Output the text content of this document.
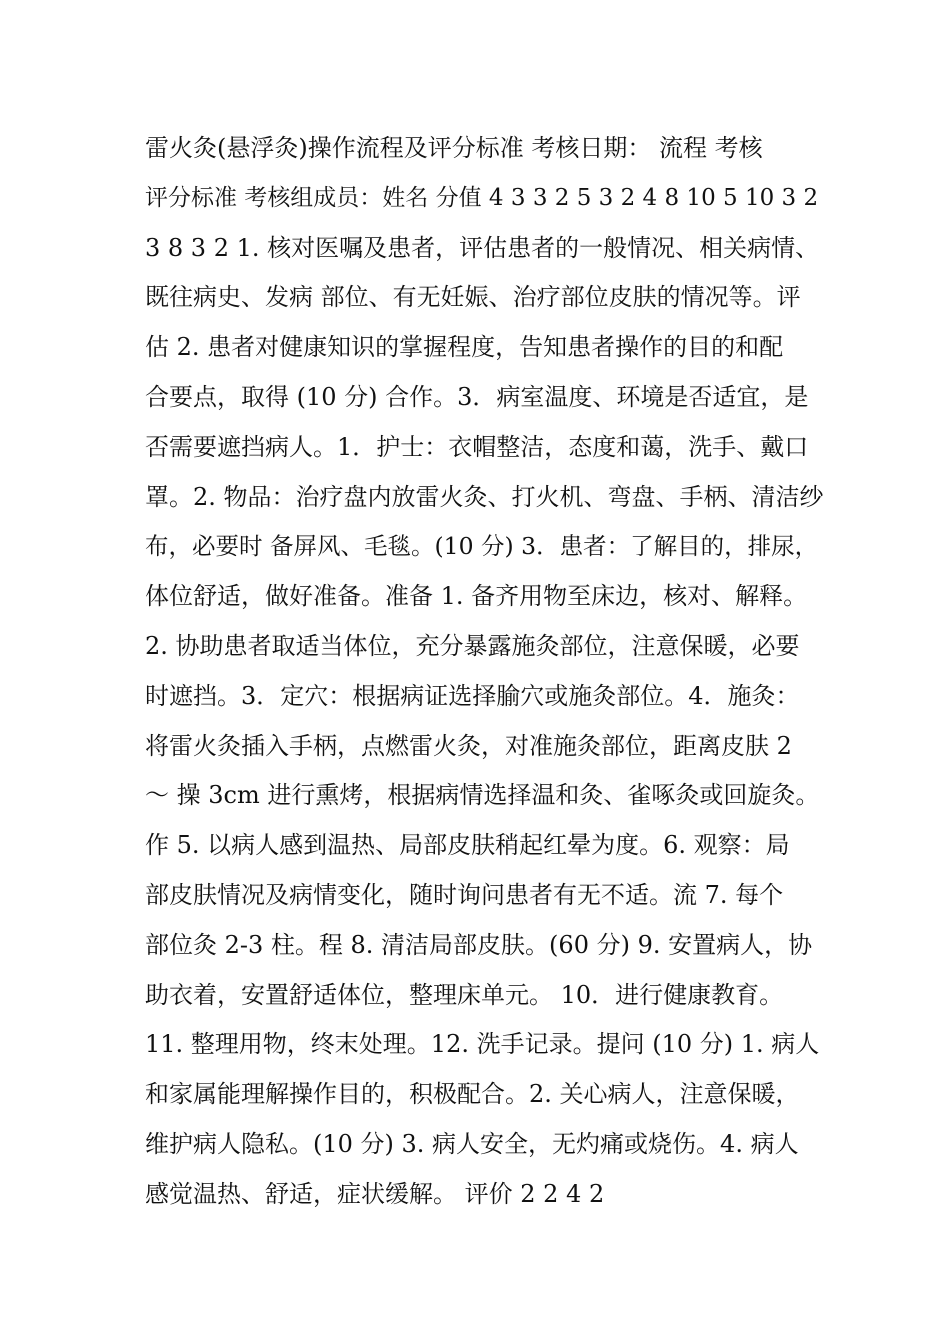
雷火灸(悬浮灸)操作流程及评分标准 考核日期： 流程 考核
评分标准 考核组成员：姓名 分值 4 3 3 2 5 3 2 4 8 10 5 10 3 2
3 8 3 2 1. 核对医嘱及患者，评估患者的一般情况、相关病情、
既往病史、发病 部位、有无妊娠、治疗部位皮肤的情况等。评
估 2. 患者对健康知识的掌握程度，告知患者操作的目的和配
合要点，取得 (10 分) 合作。3．病室温度、环境是否适宜，是
否需要遮挡病人。1．护士：衣帽整洁，态度和蔼，洗手、戴口
罩。2. 物品：治疗盘内放雷火灸、打火机、弯盘、手柄、清洁纱
布，必要时 备屏风、毛毯。(10 分) 3．患者：了解目的，排尿，
体位舒适，做好准备。准备 1. 备齐用物至床边，核对、解释。
2. 协助患者取适当体位，充分暴露施灸部位，注意保暖，必要
时遮挡。3．定穴：根据病证选择腧穴或施灸部位。4．施灸：
将雷火灸插入手柄，点燃雷火灸，对准施灸部位，距离皮肤 2
～ 操 3cm 进行熏烤，根据病情选择温和灸、雀啄灸或回旋灸。
作 5. 以病人感到温热、局部皮肤稍起红晕为度。6. 观察：局
部皮肤情况及病情变化，随时询问患者有无不适。流 7. 每个
部位灸 2-3 柱。程 8. 清洁局部皮肤。(60 分) 9. 安置病人，协
助衣着，安置舒适体位，整理床单元。 10．进行健康教育。
11. 整理用物，终末处理。12. 洗手记录。提问 (10 分) 1. 病人
和家属能理解操作目的，积极配合。2. 关心病人，注意保暖，
维护病人隐私。(10 分) 3. 病人安全，无灼痛或烧伤。4. 病人
感觉温热、舒适，症状缓解。 评价 2 2 4 2
